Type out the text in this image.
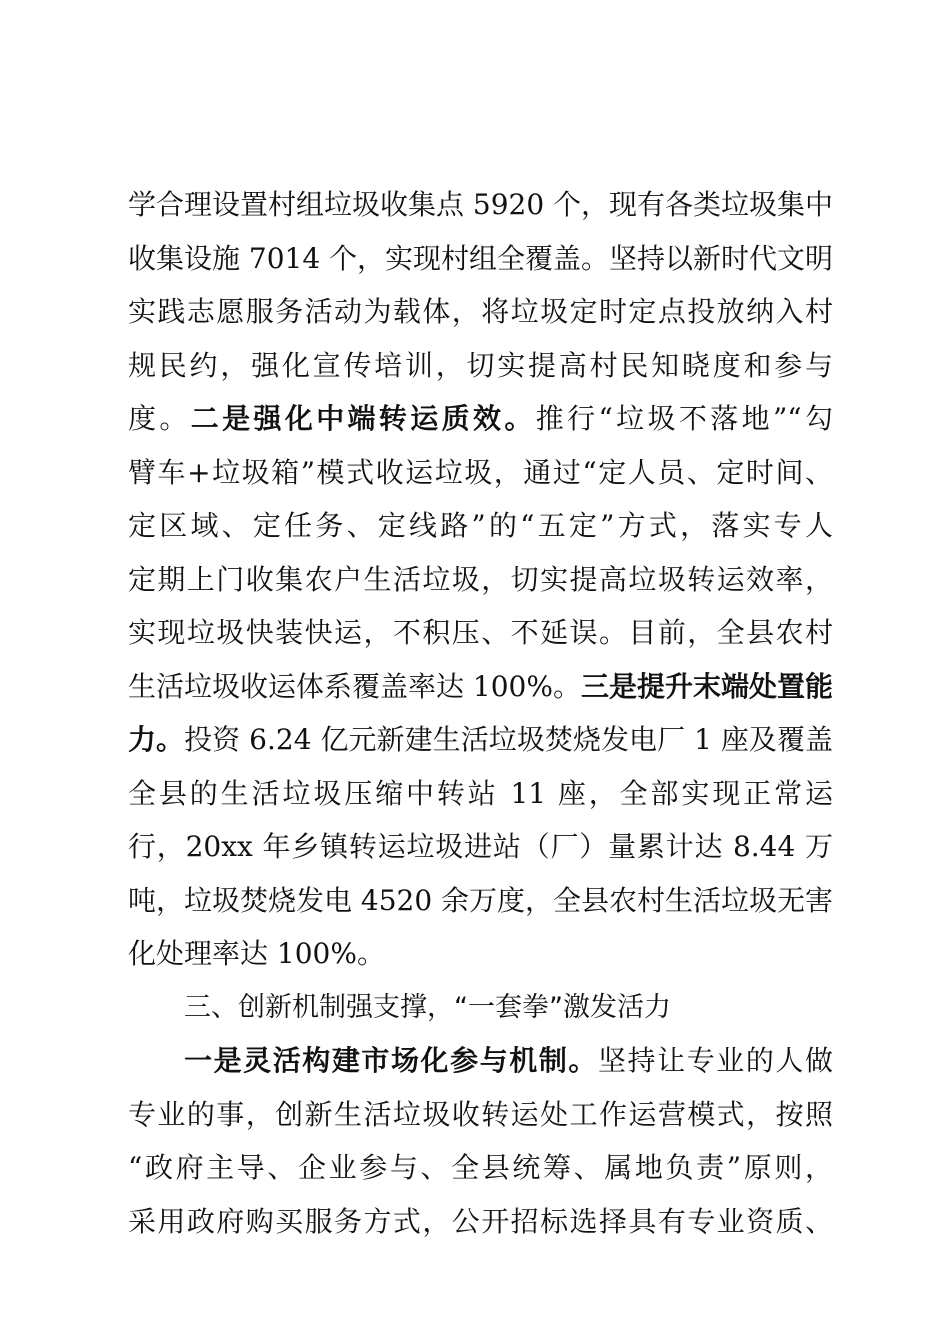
学合理设置村组垃圾收集点 5920 个，现有各类垃圾集中
收集设施 7014 个，实现村组全覆盖。坚持以新时代文明
实践志愿服务活动为载体，将垃圾定时定点投放纳入村
规民约，强化宣传培训，切实提高村民知晓度和参与
度。二是强化中端转运质效。推行“垃圾不落地”“勾
臂车+垃圾箱”模式收运垃圾，通过“定人员、定时间、
定区域、定任务、定线路”的“五定”方式，落实专人
定期上门收集农户生活垃圾，切实提高垃圾转运效率，
实现垃圾快装快运，不积压、不延误。目前，全县农村
生活垃圾收运体系覆盖率达 100%。三是提升末端处置能
力。投资 6.24 亿元新建生活垃圾焚烧发电厂 1 座及覆盖
全县的生活垃圾压缩中转站 11 座，全部实现正常运
行，20xx 年乡镇转运垃圾进站（厂）量累计达 8.44 万
吨，垃圾焚烧发电 4520 余万度，全县农村生活垃圾无害
化处理率达 100%。
三、创新机制强支撑，“一套拳”激发活力
一是灵活构建市场化参与机制。坚持让专业的人做
专业的事，创新生活垃圾收转运处工作运营模式，按照
“政府主导、企业参与、全县统筹、属地负责”原则，
采用政府购买服务方式，公开招标选择具有专业资质、
